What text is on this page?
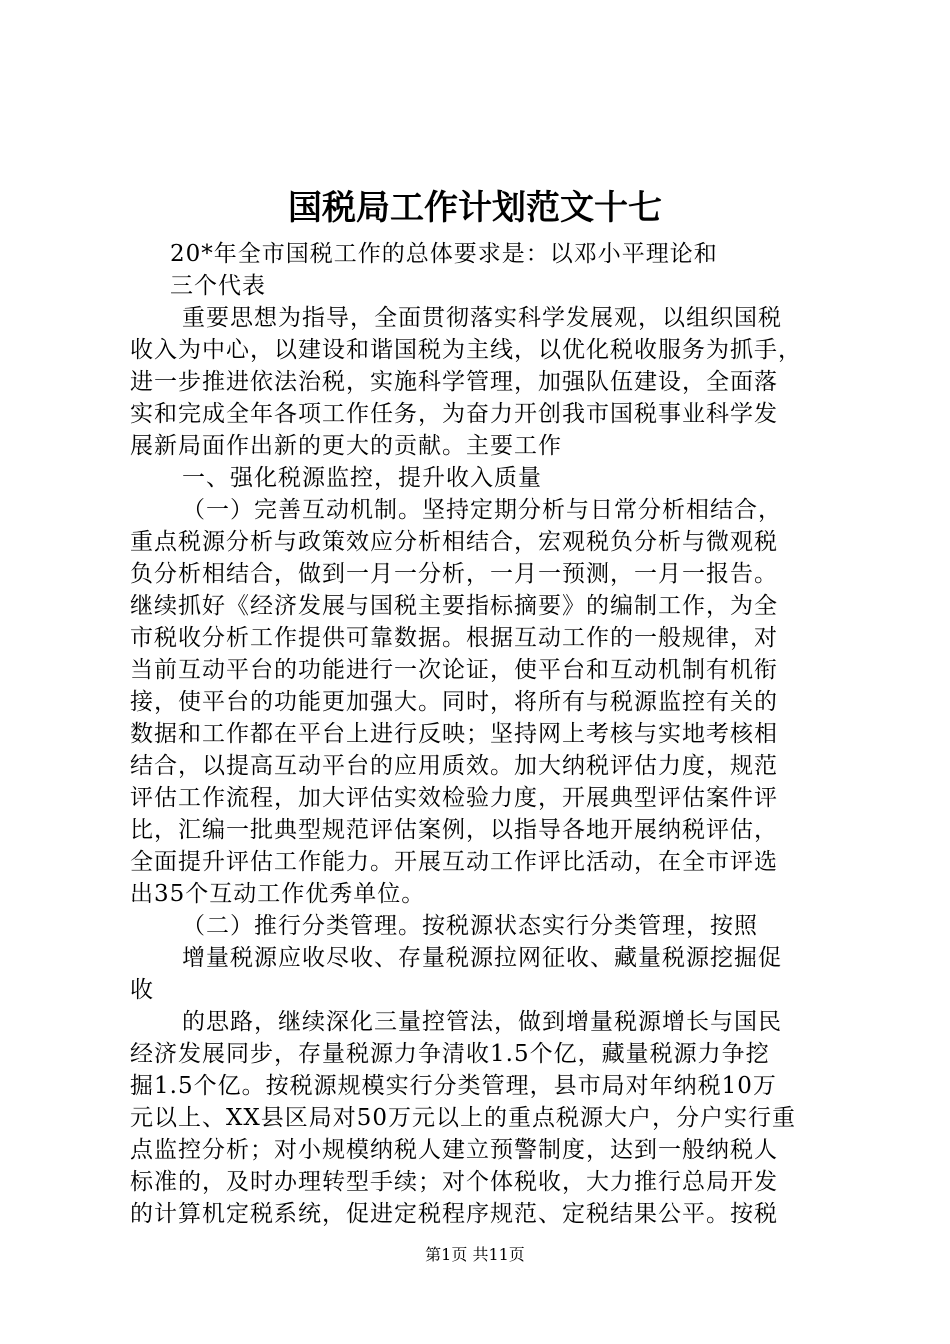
国税局工作计划范文十七
20*年全市国税工作的总体要求是：以邓小平理论和
三个代表
重要思想为指导，全面贯彻落实科学发展观，以组织国税
收入为中心，以建设和谐国税为主线，以优化税收服务为抓手，
进一步推进依法治税，实施科学管理，加强队伍建设，全面落
实和完成全年各项工作任务，为奋力开创我市国税事业科学发
展新局面作出新的更大的贡献。主要工作
一、强化税源监控，提升收入质量
（一）完善互动机制。坚持定期分析与日常分析相结合，
重点税源分析与政策效应分析相结合，宏观税负分析与微观税
负分析相结合，做到一月一分析，一月一预测，一月一报告。
继续抓好《经济发展与国税主要指标摘要》的编制工作，为全
市税收分析工作提供可靠数据。根据互动工作的一般规律，对
当前互动平台的功能进行一次论证，使平台和互动机制有机衔
接，使平台的功能更加强大。同时，将所有与税源监控有关的
数据和工作都在平台上进行反映；坚持网上考核与实地考核相
结合，以提高互动平台的应用质效。加大纳税评估力度，规范
评估工作流程，加大评估实效检验力度，开展典型评估案件评
比，汇编一批典型规范评估案例，以指导各地开展纳税评估，
全面提升评估工作能力。开展互动工作评比活动，在全市评选
出35个互动工作优秀单位。
（二）推行分类管理。按税源状态实行分类管理，按照
增量税源应收尽收、存量税源拉网征收、藏量税源挖掘促
收
的思路，继续深化三量控管法，做到增量税源增长与国民
经济发展同步，存量税源力争清收1.5个亿，藏量税源力争挖
掘1.5个亿。按税源规模实行分类管理，县市局对年纳税10万
元以上、XX县区局对50万元以上的重点税源大户，分户实行重
点监控分析；对小规模纳税人建立预警制度，达到一般纳税人
标准的，及时办理转型手续；对个体税收，大力推行总局开发
的计算机定税系统，促进定税程序规范、定税结果公平。按税
第1页 共11页
